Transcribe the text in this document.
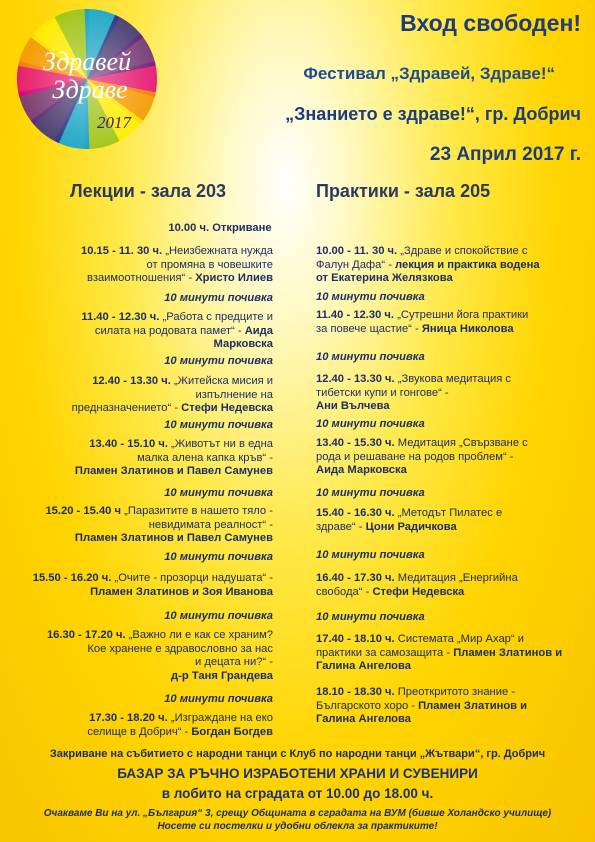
Здравей
Здраве
2017
Вход свободен!
Фестивал „Здравей, Здраве!“
„Знанието е здраве!“, гр. Добрич
23 Април 2017 г.
Лекции - зала 203	Практики - зала 205
10.00 ч. Откриване
10.15 - 11. 30 ч. „Неизбежната нужда
от промяна в човешките
взаимоотношения“ - Христо Илиев
10 минути почивка
11.40 - 12.30 ч. „Работа с предците и
силата на родовата памет“ - Аида
Марковска
10 минути почивка
12.40 - 13.30 ч. „Житейска мисия и
изпълнение на
предназначението“ - Стефи Недевска
10 минути почивка
13.40 - 15.10 ч. „Животът ни в една
малка алена капка кръв“ -
Пламен Златинов и Павел Самунев
10 минути почивка
15.20 - 15.40 ч „Паразитите в нашето тяло -
невидимата реалност“ -
Пламен Златинов и Павел Самунев
10 минути почивка
15.50 - 16.20 ч. „Очите - прозорци надушата“ -
Пламен Златинов и Зоя Иванова
10 минути почивка
16.30 - 17.20 ч. „Важно ли е как се храним?
Кое хранене е здравословно за нас
и децата ни?“ -
д-р Таня Грандева
10 минути почивка
17.30 - 18.20 ч. „Изграждане на еко
селище в Добрич“ - Богдан Богдев
10.00 - 11. 30 ч. „Здраве и спокойствие с
Фалун Дафа“ - лекция и практика водена
от Екатерина Желязкова
10 минути почивка
11.40 - 12.30 ч. „Сутрешни йога практики
за повече щастие“ - Яница Николова
10 минути почивка
12.40 - 13.30 ч. „Звукова медитация с
тибетски купи и гонгове“ -
Ани Вълчева
10 минути почивка
13.40 - 15.30 ч. Медитация „Свързване с
рода и решаване на родов проблем“ -
Аида Марковска
10 минути почивка
15.40 - 16.30 ч. „Методът Пилатес е
здраве“ - Цони Радичкова
10 минути почивка
16.40 - 17.30 ч. Медитация „Енергийна
свобода“ - Стефи Недевска
10 минути почивка
17.40 - 18.10 ч. Системата „Мир Ахар“ и
практики за самозащита - Пламен Златинов и
Галина Ангелова
18.10 - 18.30 ч. Преоткритото знание -
Българското хоро - Пламен Златинов и
Галина Ангелова
Закриване на събитието с народни танци с Клуб по народни танци „Жътвари“, гр. Добрич
БАЗАР ЗА РЪЧНО ИЗРАБОТЕНИ ХРАНИ И СУВЕНИРИ
в лобито на сградата от 10.00 до 18.00 ч.
Очакваме Ви на ул. „България“ 3, срещу Общината в сградата на ВУМ (бивше Холандско училище)
Носете си постелки и удобни облекла за практиките!
